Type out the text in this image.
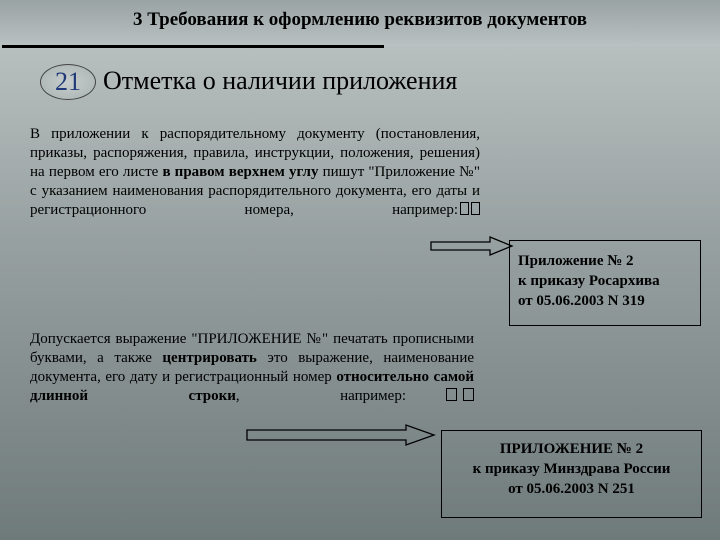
3 Требования к оформлению реквизитов документов
21 Отметка о наличии приложения
В приложении к распорядительному документу (постановления, приказы, распоряжения, правила, инструкции, положения, решения) на первом его листе в правом верхнем углу пишут "Приложение №" с указанием наименования распорядительного документа, его даты и регистрационного номера, например:
Приложение № 2
к приказу Росархива
от 05.06.2003 N 319
Допускается выражение "ПРИЛОЖЕНИЕ №" печатать прописными буквами, а также центрировать это выражение, наименование документа, его дату и регистрационный номер относительно самой длинной строки, например:
ПРИЛОЖЕНИЕ № 2
к приказу Минздрава России
от 05.06.2003 N 251
